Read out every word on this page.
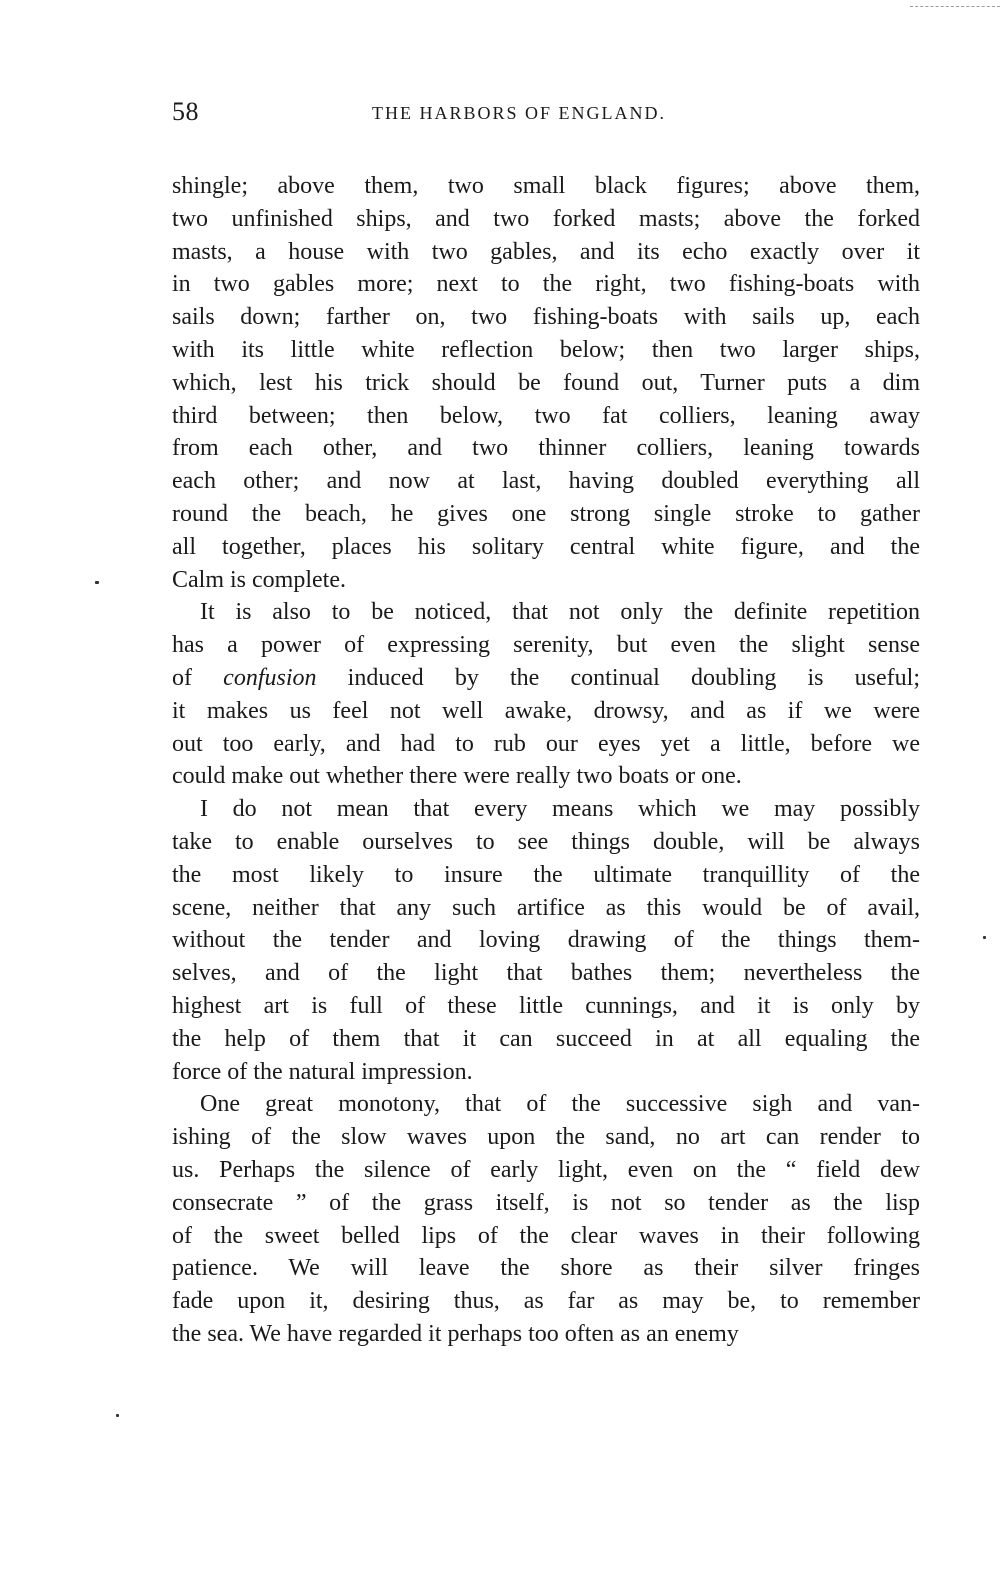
58	THE HARBORS OF ENGLAND.
shingle; above them, two small black figures; above them,
two unfinished ships, and two forked masts; above the forked
masts, a house with two gables, and its echo exactly over it
in two gables more; next to the right, two fishing-boats with
sails down; farther on, two fishing-boats with sails up, each
with its little white reflection below; then two larger ships,
which, lest his trick should be found out, Turner puts a dim
third between; then below, two fat colliers, leaning away
from each other, and two thinner colliers, leaning towards
each other; and now at last, having doubled everything all
round the beach, he gives one strong single stroke to gather
all together, places his solitary central white figure, and the
Calm is complete.
It is also to be noticed, that not only the definite repetition
has a power of expressing serenity, but even the slight sense
of confusion induced by the continual doubling is useful;
it makes us feel not well awake, drowsy, and as if we were
out too early, and had to rub our eyes yet a little, before we
could make out whether there were really two boats or one.
I do not mean that every means which we may possibly
take to enable ourselves to see things double, will be always
the most likely to insure the ultimate tranquillity of the
scene, neither that any such artifice as this would be of avail,
without the tender and loving drawing of the things them-
selves, and of the light that bathes them; nevertheless the
highest art is full of these little cunnings, and it is only by
the help of them that it can succeed in at all equaling the
force of the natural impression.
One great monotony, that of the successive sigh and van-
ishing of the slow waves upon the sand, no art can render to
us. Perhaps the silence of early light, even on the “ field dew
consecrate ” of the grass itself, is not so tender as the lisp
of the sweet belled lips of the clear waves in their following
patience. We will leave the shore as their silver fringes
fade upon it, desiring thus, as far as may be, to remember
the sea. We have regarded it perhaps too often as an enemy
